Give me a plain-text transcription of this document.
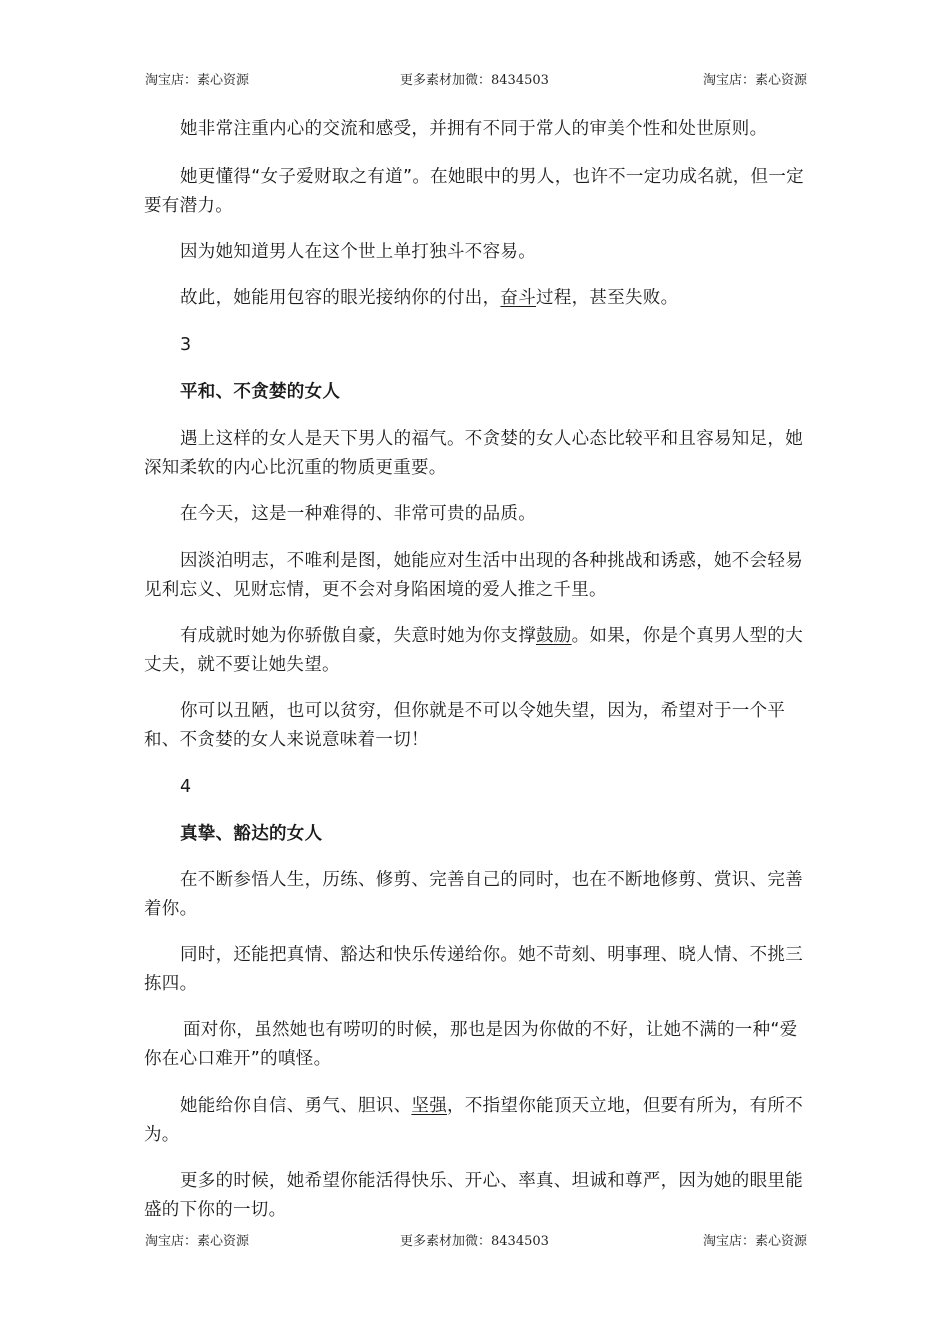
淘宝店：素心资源	更多素材加微：8434503	淘宝店：素心资源

她非常注重内心的交流和感受，并拥有不同于常人的审美个性和处世原则。

她更懂得“女子爱财取之有道”。在她眼中的男人，也许不一定功成名就，但一定要有潜力。

因为她知道男人在这个世上单打独斗不容易。

故此，她能用包容的眼光接纳你的付出，奋斗过程，甚至失败。

3

平和、不贪婪的女人

遇上这样的女人是天下男人的福气。不贪婪的女人心态比较平和且容易知足，她深知柔软的内心比沉重的物质更重要。

在今天，这是一种难得的、非常可贵的品质。

因淡泊明志，不唯利是图，她能应对生活中出现的各种挑战和诱惑，她不会轻易见利忘义、见财忘情，更不会对身陷困境的爱人推之千里。

有成就时她为你骄傲自豪，失意时她为你支撑鼓励。如果，你是个真男人型的大丈夫，就不要让她失望。

你可以丑陋，也可以贫穷，但你就是不可以令她失望，因为，希望对于一个平和、不贪婪的女人来说意味着一切！

4

真挚、豁达的女人

在不断参悟人生，历练、修剪、完善自己的同时，也在不断地修剪、赏识、完善着你。

同时，还能把真情、豁达和快乐传递给你。她不苛刻、明事理、晓人情、不挑三拣四。

面对你，虽然她也有唠叨的时候，那也是因为你做的不好，让她不满的一种“爱你在心口难开”的嗔怪。

她能给你自信、勇气、胆识、坚强，不指望你能顶天立地，但要有所为，有所不为。

更多的时候，她希望你能活得快乐、开心、率真、坦诚和尊严，因为她的眼里能盛的下你的一切。

淘宝店：素心资源	更多素材加微：8434503	淘宝店：素心资源
